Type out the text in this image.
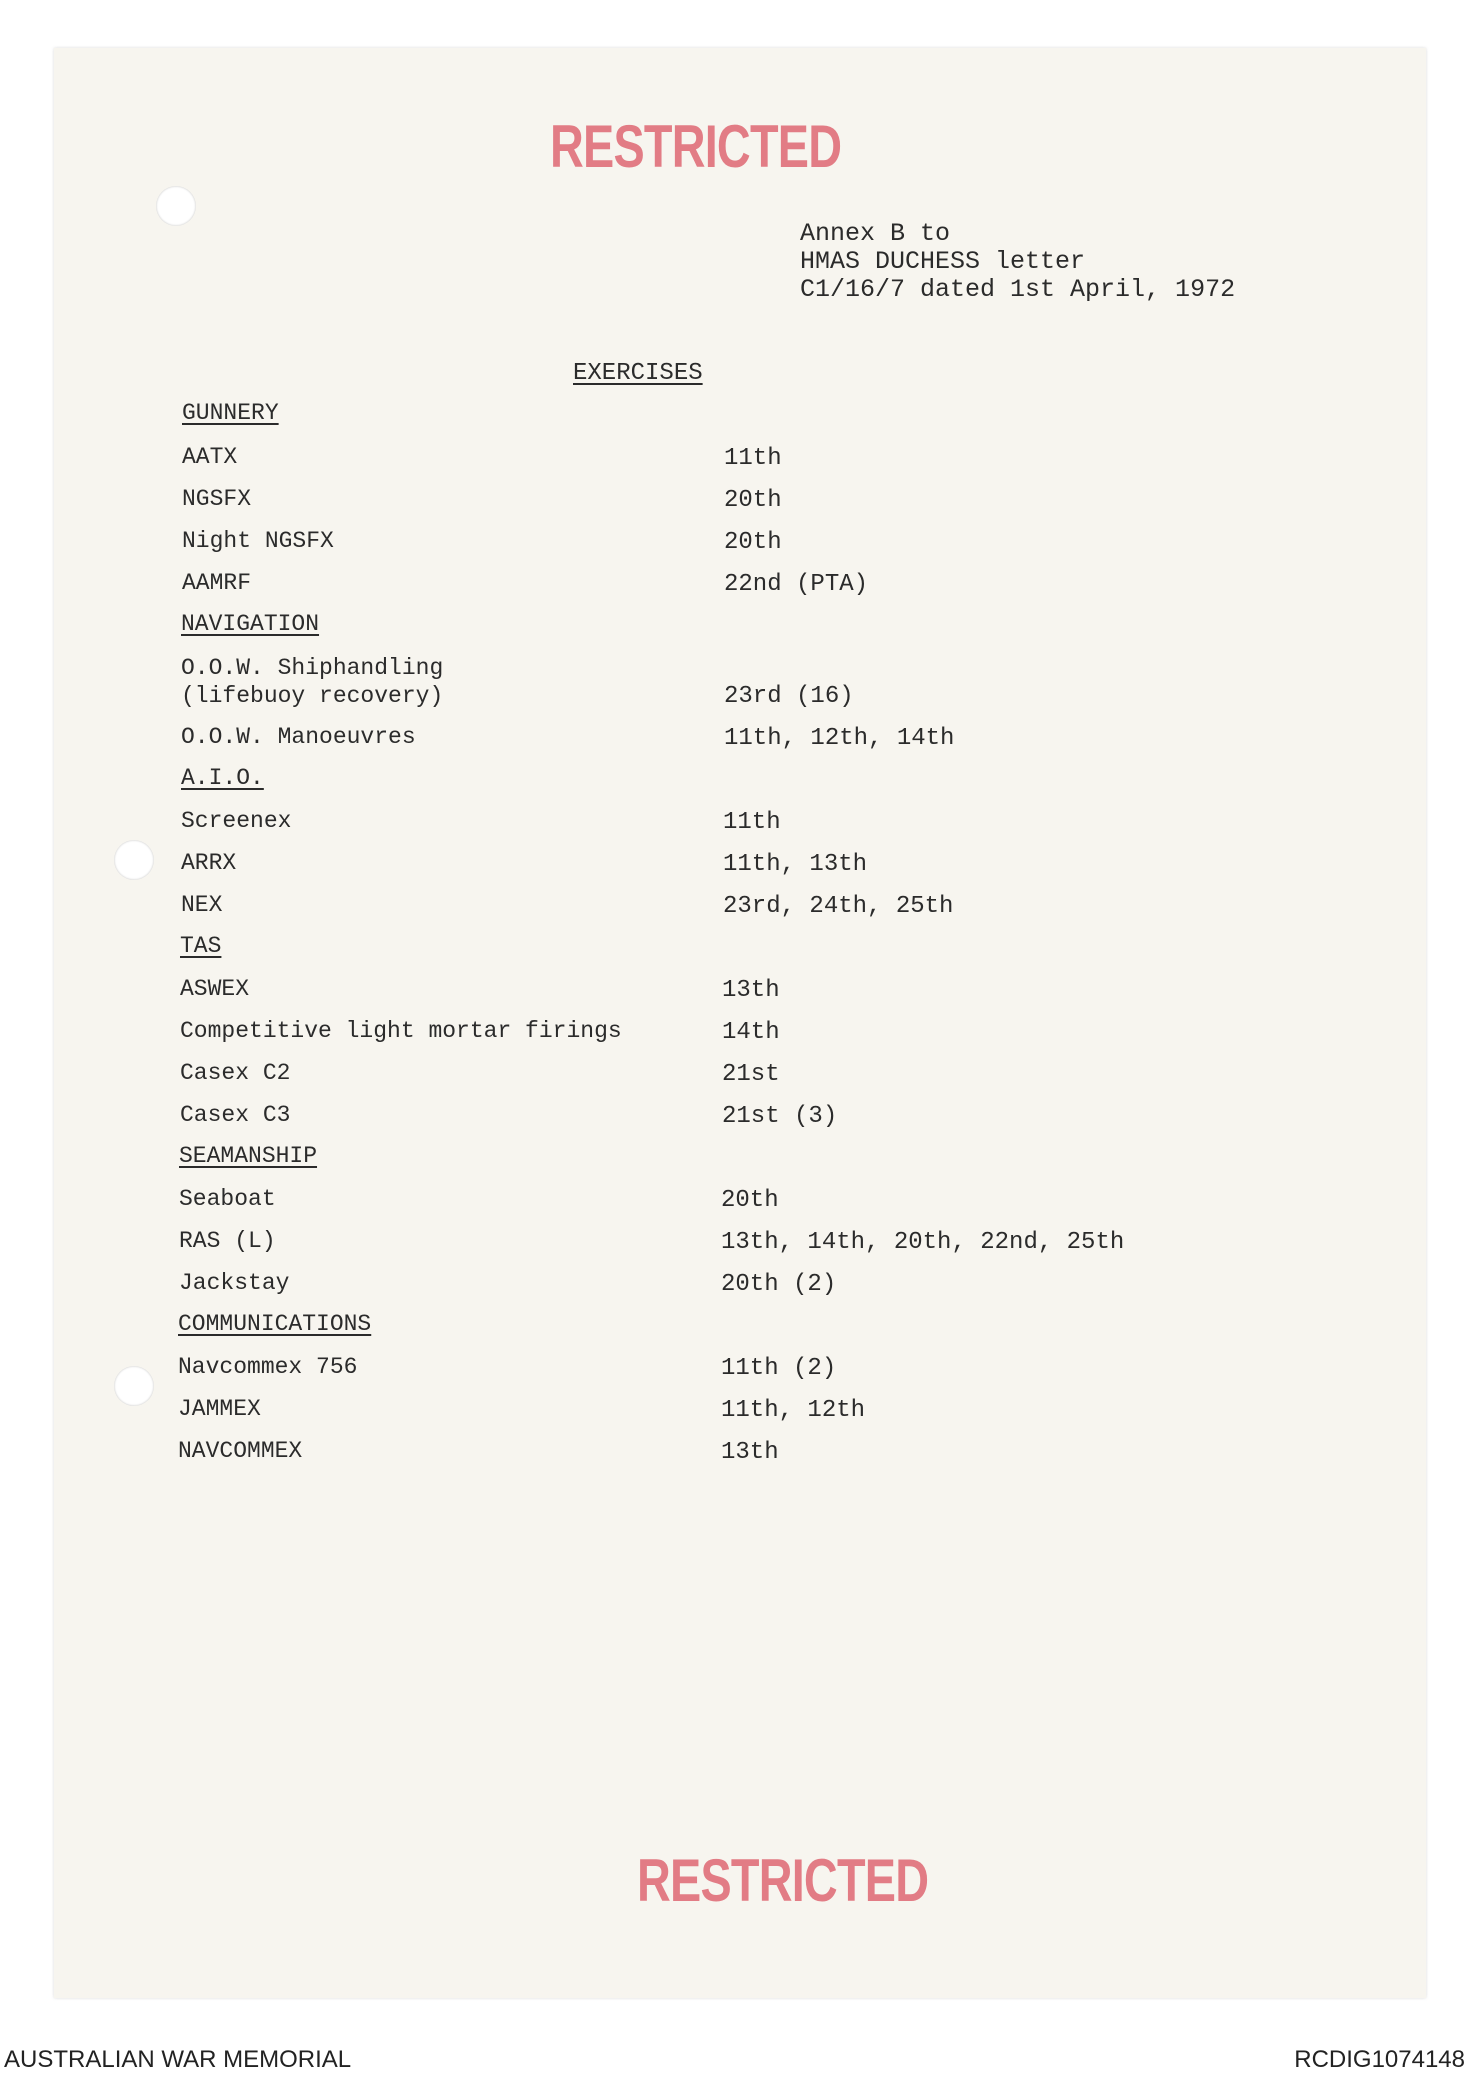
RESTRICTED
Annex B to
HMAS DUCHESS letter
C1/16/7 dated 1st April, 1972
EXERCISES
GUNNERY
AATX	11th
NGSFX	20th
Night NGSFX	20th
AAMRF	22nd (PTA)
NAVIGATION
O.O.W. Shiphandling
(lifebuoy recovery)	23rd (16)
O.O.W. Manoeuvres	11th, 12th, 14th
A.I.O.
Screenex	11th
ARRX	11th, 13th
NEX	23rd, 24th, 25th
TAS
ASWEX	13th
Competitive light mortar firings	14th
Casex C2	21st
Casex C3	21st (3)
SEAMANSHIP
Seaboat	20th
RAS (L)	13th, 14th, 20th, 22nd, 25th
Jackstay	20th (2)
COMMUNICATIONS
Navcommex 756	11th (2)
JAMMEX	11th, 12th
NAVCOMMEX	13th
RESTRICTED
AUSTRALIAN WAR MEMORIAL	RCDIG1074148
